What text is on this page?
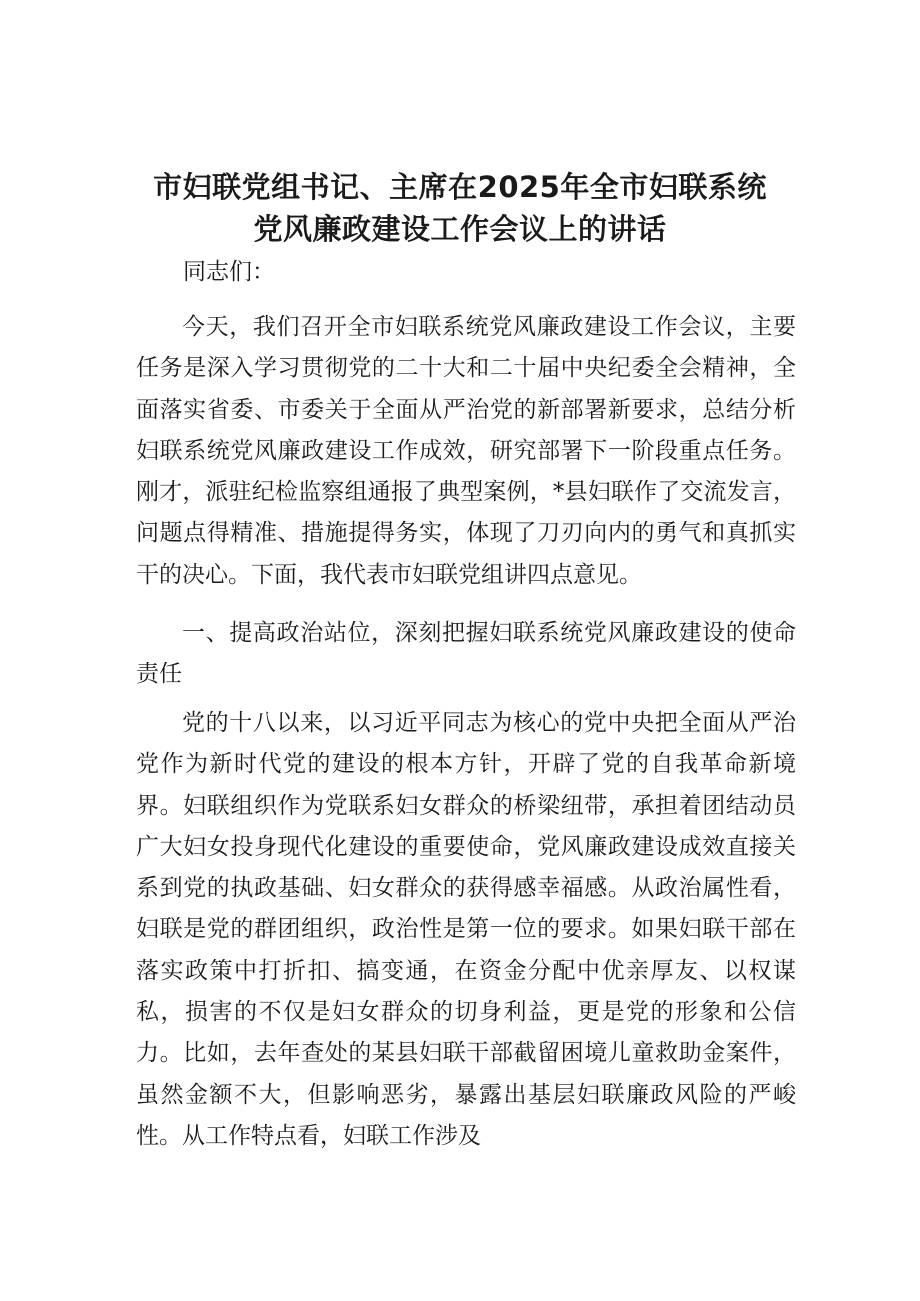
市妇联党组书记、主席在2025年全市妇联系统
党风廉政建设工作会议上的讲话
同志们：
今天，我们召开全市妇联系统党风廉政建设工作会议，主要任务是深入学习贯彻党的二十大和二十届中央纪委全会精神，全面落实省委、市委关于全面从严治党的新部署新要求，总结分析妇联系统党风廉政建设工作成效，研究部署下一阶段重点任务。刚才，派驻纪检监察组通报了典型案例，*县妇联作了交流发言，问题点得精准、措施提得务实，体现了刀刃向内的勇气和真抓实干的决心。下面，我代表市妇联党组讲四点意见。
一、提高政治站位，深刻把握妇联系统党风廉政建设的使命责任
党的十八以来，以习近平同志为核心的党中央把全面从严治党作为新时代党的建设的根本方针，开辟了党的自我革命新境界。妇联组织作为党联系妇女群众的桥梁纽带，承担着团结动员广大妇女投身现代化建设的重要使命，党风廉政建设成效直接关系到党的执政基础、妇女群众的获得感幸福感。从政治属性看，妇联是党的群团组织，政治性是第一位的要求。如果妇联干部在落实政策中打折扣、搞变通，在资金分配中优亲厚友、以权谋私，损害的不仅是妇女群众的切身利益，更是党的形象和公信力。比如，去年查处的某县妇联干部截留困境儿童救助金案件，虽然金额不大，但影响恶劣，暴露出基层妇联廉政风险的严峻性。从工作特点看，妇联工作涉及
